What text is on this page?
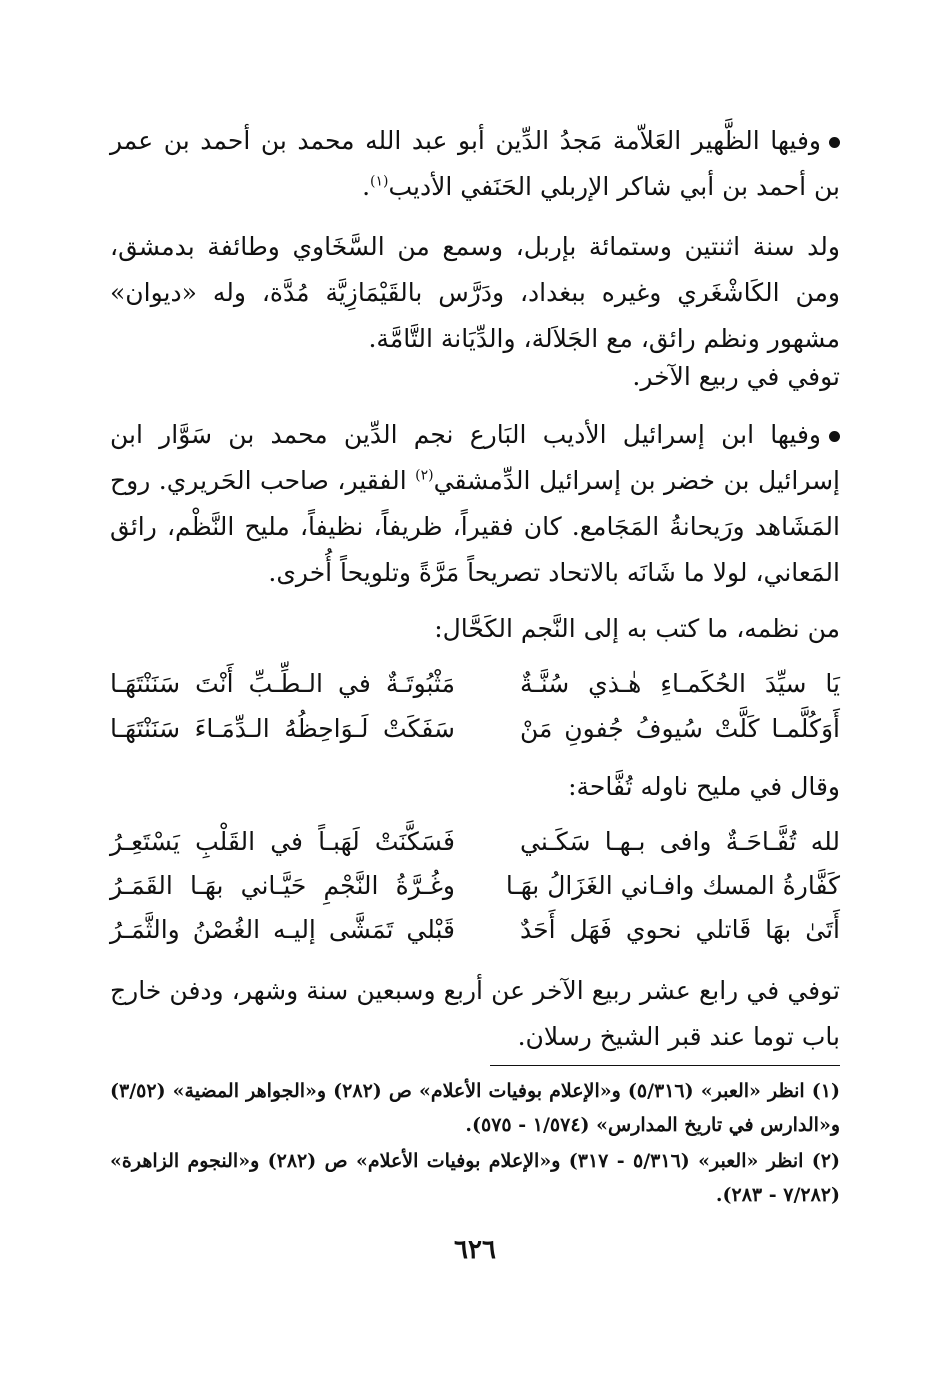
وفيها الظَّهير العَلاّمة مَجدُ الدِّين أبو عبد الله محمد بن أحمد بن عمر بن أحمد بن أبي شاكر الإربلي الحَنَفي الأديب$^{(١)}$.

ولد سنة اثنتين وستمائة بإربل، وسمع من السَّخَاوي وطائفة بدمشق، ومن الكَاشْغَري وغيره ببغداد، ودَرَّس بالقَيْمَازِيَّة مُدَّة، وله «ديوان» مشهور ونظم رائق، مع الجَلاَلة، والدِّيَانة التَّامَّة.

توفي في ربيع الآخر.

وفيها ابن إسرائيل الأديب البَارع نجم الدِّين محمد بن سَوَّار ابن إسرائيل بن خضر بن إسرائيل الدِّمشقي$^{(٢)}$ الفقير، صاحب الحَريري. روح المَشَاهد ورَيحانةُ المَجَامع. كان فقيراً، ظريفاً، نظيفاً، مليح النَّظْم، رائق المَعاني، لولا ما شَانَه بالاتحاد تصريحاً مَرَّةً وتلويحاً أُخرى.

من نظمه، ما كتب به إلى النَّجم الكَحَّال:

يَا سيِّدَ الحُكَمـاءِ هٰـذي سُنَّـةٌ
مَثْبُوتَـةٌ في الـطِّـبِّ أَنْتَ سَنَنْتَهَـا
أَوَكُلَّمـا كَلَّتْ سُيوفُ جُفونِ مَنْ
سَفَكَتْ لَـوَاحِظُهُ الـدِّمَـاءَ سَنَنْتَهَـا

وقال في مليح ناوله تُفَّاحة:

لله تُفَّـاحَـةٌ وافى بـهـا سَكَـني
فَسَكَّنَتْ لَهَبـاً في القَلْبِ يَسْتَعِـرُ
كَفَّارةُ المسك وافـاني الغَزَالُ بهَـا
وغُـرَّةُ النَّجْمِ حَيَّـاني بهَـا القَمَـرُ
أَتَىٰ بهَا قَاتلي نحوي فَهَل أَحَدٌ
قَبْلي تَمَشَّى إليـه الغُصْنُ والثَّمَـرُ

توفي في رابع عشر ربيع الآخر عن أربع وسبعين سنة وشهر، ودفن خارج باب توما عند قبر الشيخ رسلان.

(١) انظر «العبر» (٥/٣١٦) و«الإعلام بوفيات الأعلام» ص (٢٨٢) و«الجواهر المضية» (٣/٥٢) و«الدارس في تاريخ المدارس» (١/٥٧٤ - ٥٧٥).

(٢) انظر «العبر» (٥/٣١٦ - ٣١٧) و«الإعلام بوفيات الأعلام» ص (٢٨٢) و«النجوم الزاهرة» (٧/٢٨٢ - ٢٨٣).

٦٢٦
